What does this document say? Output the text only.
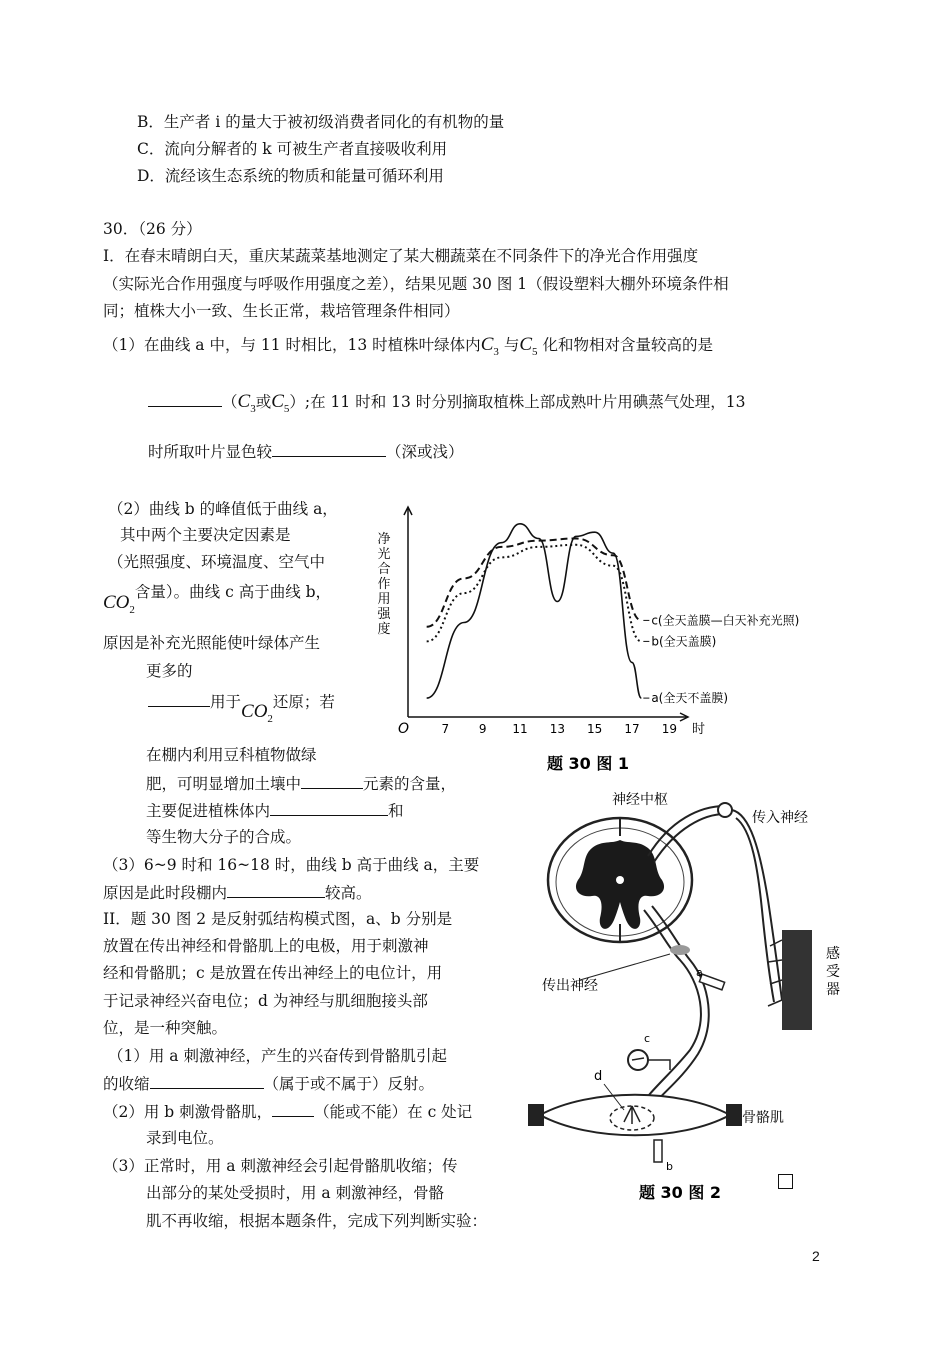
B．生产者 i 的量大于被初级消费者同化的有机物的量
C．流向分解者的 k 可被生产者直接吸收利用
D．流经该生态系统的物质和能量可循环利用
30．（26 分）
I．在春末晴朗白天，重庆某蔬菜基地测定了某大棚蔬菜在不同条件下的净光合作用强度
（实际光合作用强度与呼吸作用强度之差），结果见题 30 图 1（假设塑料大棚外环境条件相
同；植株大小一致、生长正常，栽培管理条件相同）
（1）在曲线 a 中，与 11 时相比，13 时植株叶绿体内$C_3$ 与$C_5$ 化和物相对含量较高的是
（$C_3$或$C_5$）;在 11 时和 13 时分别摘取植株上部成熟叶片用碘蒸气处理，13
时所取叶片显色较	（深或浅）
（2）曲线 b 的峰值低于曲线 a，
其中两个主要决定因素是
（光照强度、环境温度、空气中
$CO_2$含量）。曲线 c 高于曲线 b，
原因是补充光照能使叶绿体产生
更多的
用于$CO_2$还原；若
在棚内利用豆科植物做绿
肥，可明显增加土壤中	元素的含量，
主要促进植株体内	和
等生物大分子的合成。
（3）6~9 时和 16~18 时，曲线 b 高于曲线 a，主要
原因是此时段棚内	较高。
II．题 30 图 2 是反射弧结构模式图，a、b 分别是
放置在传出神经和骨骼肌上的电极，用于刺激神
经和骨骼肌；c 是放置在传出神经上的电位计，用
于记录神经兴奋电位；d 为神经与肌细胞接头部
位，是一种突触。
（1）用 a 刺激神经，产生的兴奋传到骨骼肌引起
的收缩	（属于或不属于）反射。
（2）用 b 刺激骨骼肌，	（能或不能）在 c 处记
录到电位。
（3）正常时，用 a 刺激神经会引起骨骼肌收缩；传
出部分的某处受损时，用 a 刺激神经，骨骼
肌不再收缩，根据本题条件，完成下列判断实验：
净光合作用强度
O	7 9 11 13 15 17 19 时
c(全天盖膜—白天补充光照)
b(全天盖膜)
a(全天不盖膜)
题 30 图 1
神经中枢
传入神经
传出神经
感受器
骨骼肌
a
c
d
b
题 30 图 2
2
